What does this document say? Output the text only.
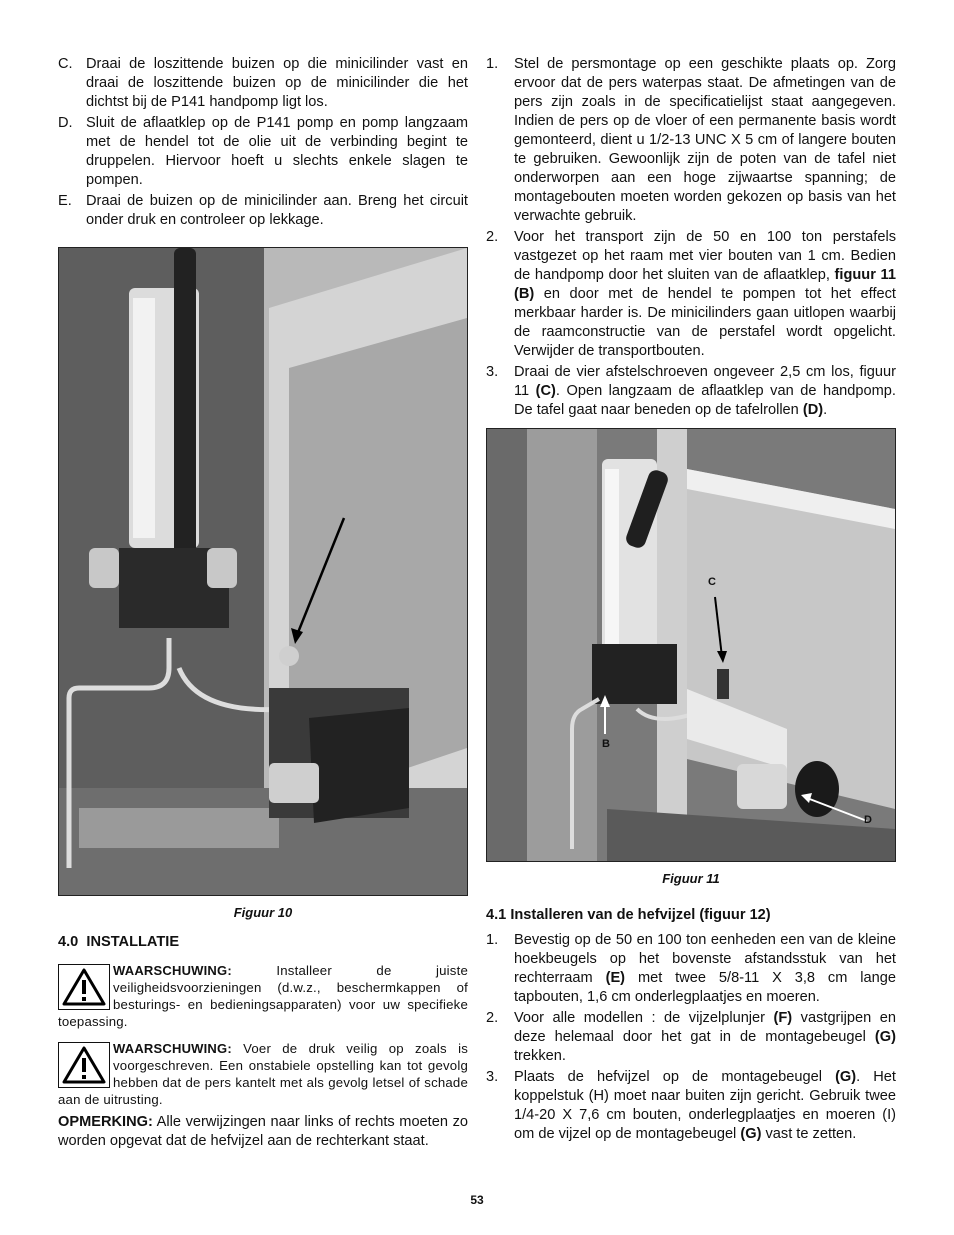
C. Draai de loszittende buizen op die minicilinder vast en draai de loszittende buizen op de minicilinder die het dichtst bij de P141 handpomp ligt los.
D. Sluit de aflaatklep op de P141 pomp en pomp langzaam met de hendel tot de olie uit de verbinding begint te druppelen. Hiervoor hoeft u slechts enkele slagen te pompen.
E. Draai de buizen op de minicilinder aan. Breng het circuit onder druk en controleer op lekkage.
Figuur 10
4.0  INSTALLATIE
WAARSCHUWING: Installeer de juiste veiligheidsvoorzieningen (d.w.z., beschermkappen of besturings- en bedieningsapparaten) voor uw specifieke toepassing.
WAARSCHUWING: Voer de druk veilig op zoals is voorgeschreven. Een onstabiele opstelling kan tot gevolg hebben dat de pers kantelt met als gevolg letsel of schade aan de uitrusting.
OPMERKING: Alle verwijzingen naar links of rechts moeten zo worden opgevat dat de hefvijzel aan de rechterkant staat.
1. Stel de persmontage op een geschikte plaats op. Zorg ervoor dat de pers waterpas staat. De afmetingen van de pers zijn zoals in de specificatielijst staat aangegeven. Indien de pers op de vloer of een permanente basis wordt gemonteerd, dient u 1/2-13 UNC X 5 cm of langere bouten te gebruiken. Gewoonlijk zijn de poten van de tafel niet onderworpen aan een hoge zijwaartse spanning; de montagebouten moeten worden gekozen op basis van het verwachte gebruik.
2. Voor het transport zijn de 50 en 100 ton perstafels vastgezet op het raam met vier bouten van 1 cm. Bedien de handpomp door het sluiten van de aflaatklep, figuur 11 (B) en door met de hendel te pompen tot het effect merkbaar harder is. De minicilinders gaan uitlopen waarbij de raamconstructie van de perstafel wordt opgelicht. Verwijder de transportbouten.
3. Draai de vier afstelschroeven ongeveer 2,5 cm los, figuur 11 (C). Open langzaam de aflaatklep van de handpomp. De tafel gaat naar beneden op de tafelrollen (D).
C
B
D
Figuur 11
4.1 Installeren van de hefvijzel (figuur 12)
1. Bevestig op de 50 en 100 ton eenheden een van de kleine hoekbeugels op het bovenste afstandsstuk van het rechterraam (E) met twee 5/8-11 X 3,8 cm lange tapbouten, 1,6 cm onderlegplaatjes en moeren.
2. Voor alle modellen : de vijzelplunjer (F) vastgrijpen en deze helemaal door het gat in de montagebeugel (G) trekken.
3. Plaats de hefvijzel op de montagebeugel (G). Het koppelstuk (H) moet naar buiten zijn gericht. Gebruik twee 1/4-20 X 7,6 cm bouten, onderlegplaatjes en moeren (I) om de vijzel op de montagebeugel (G) vast te zetten.
53
